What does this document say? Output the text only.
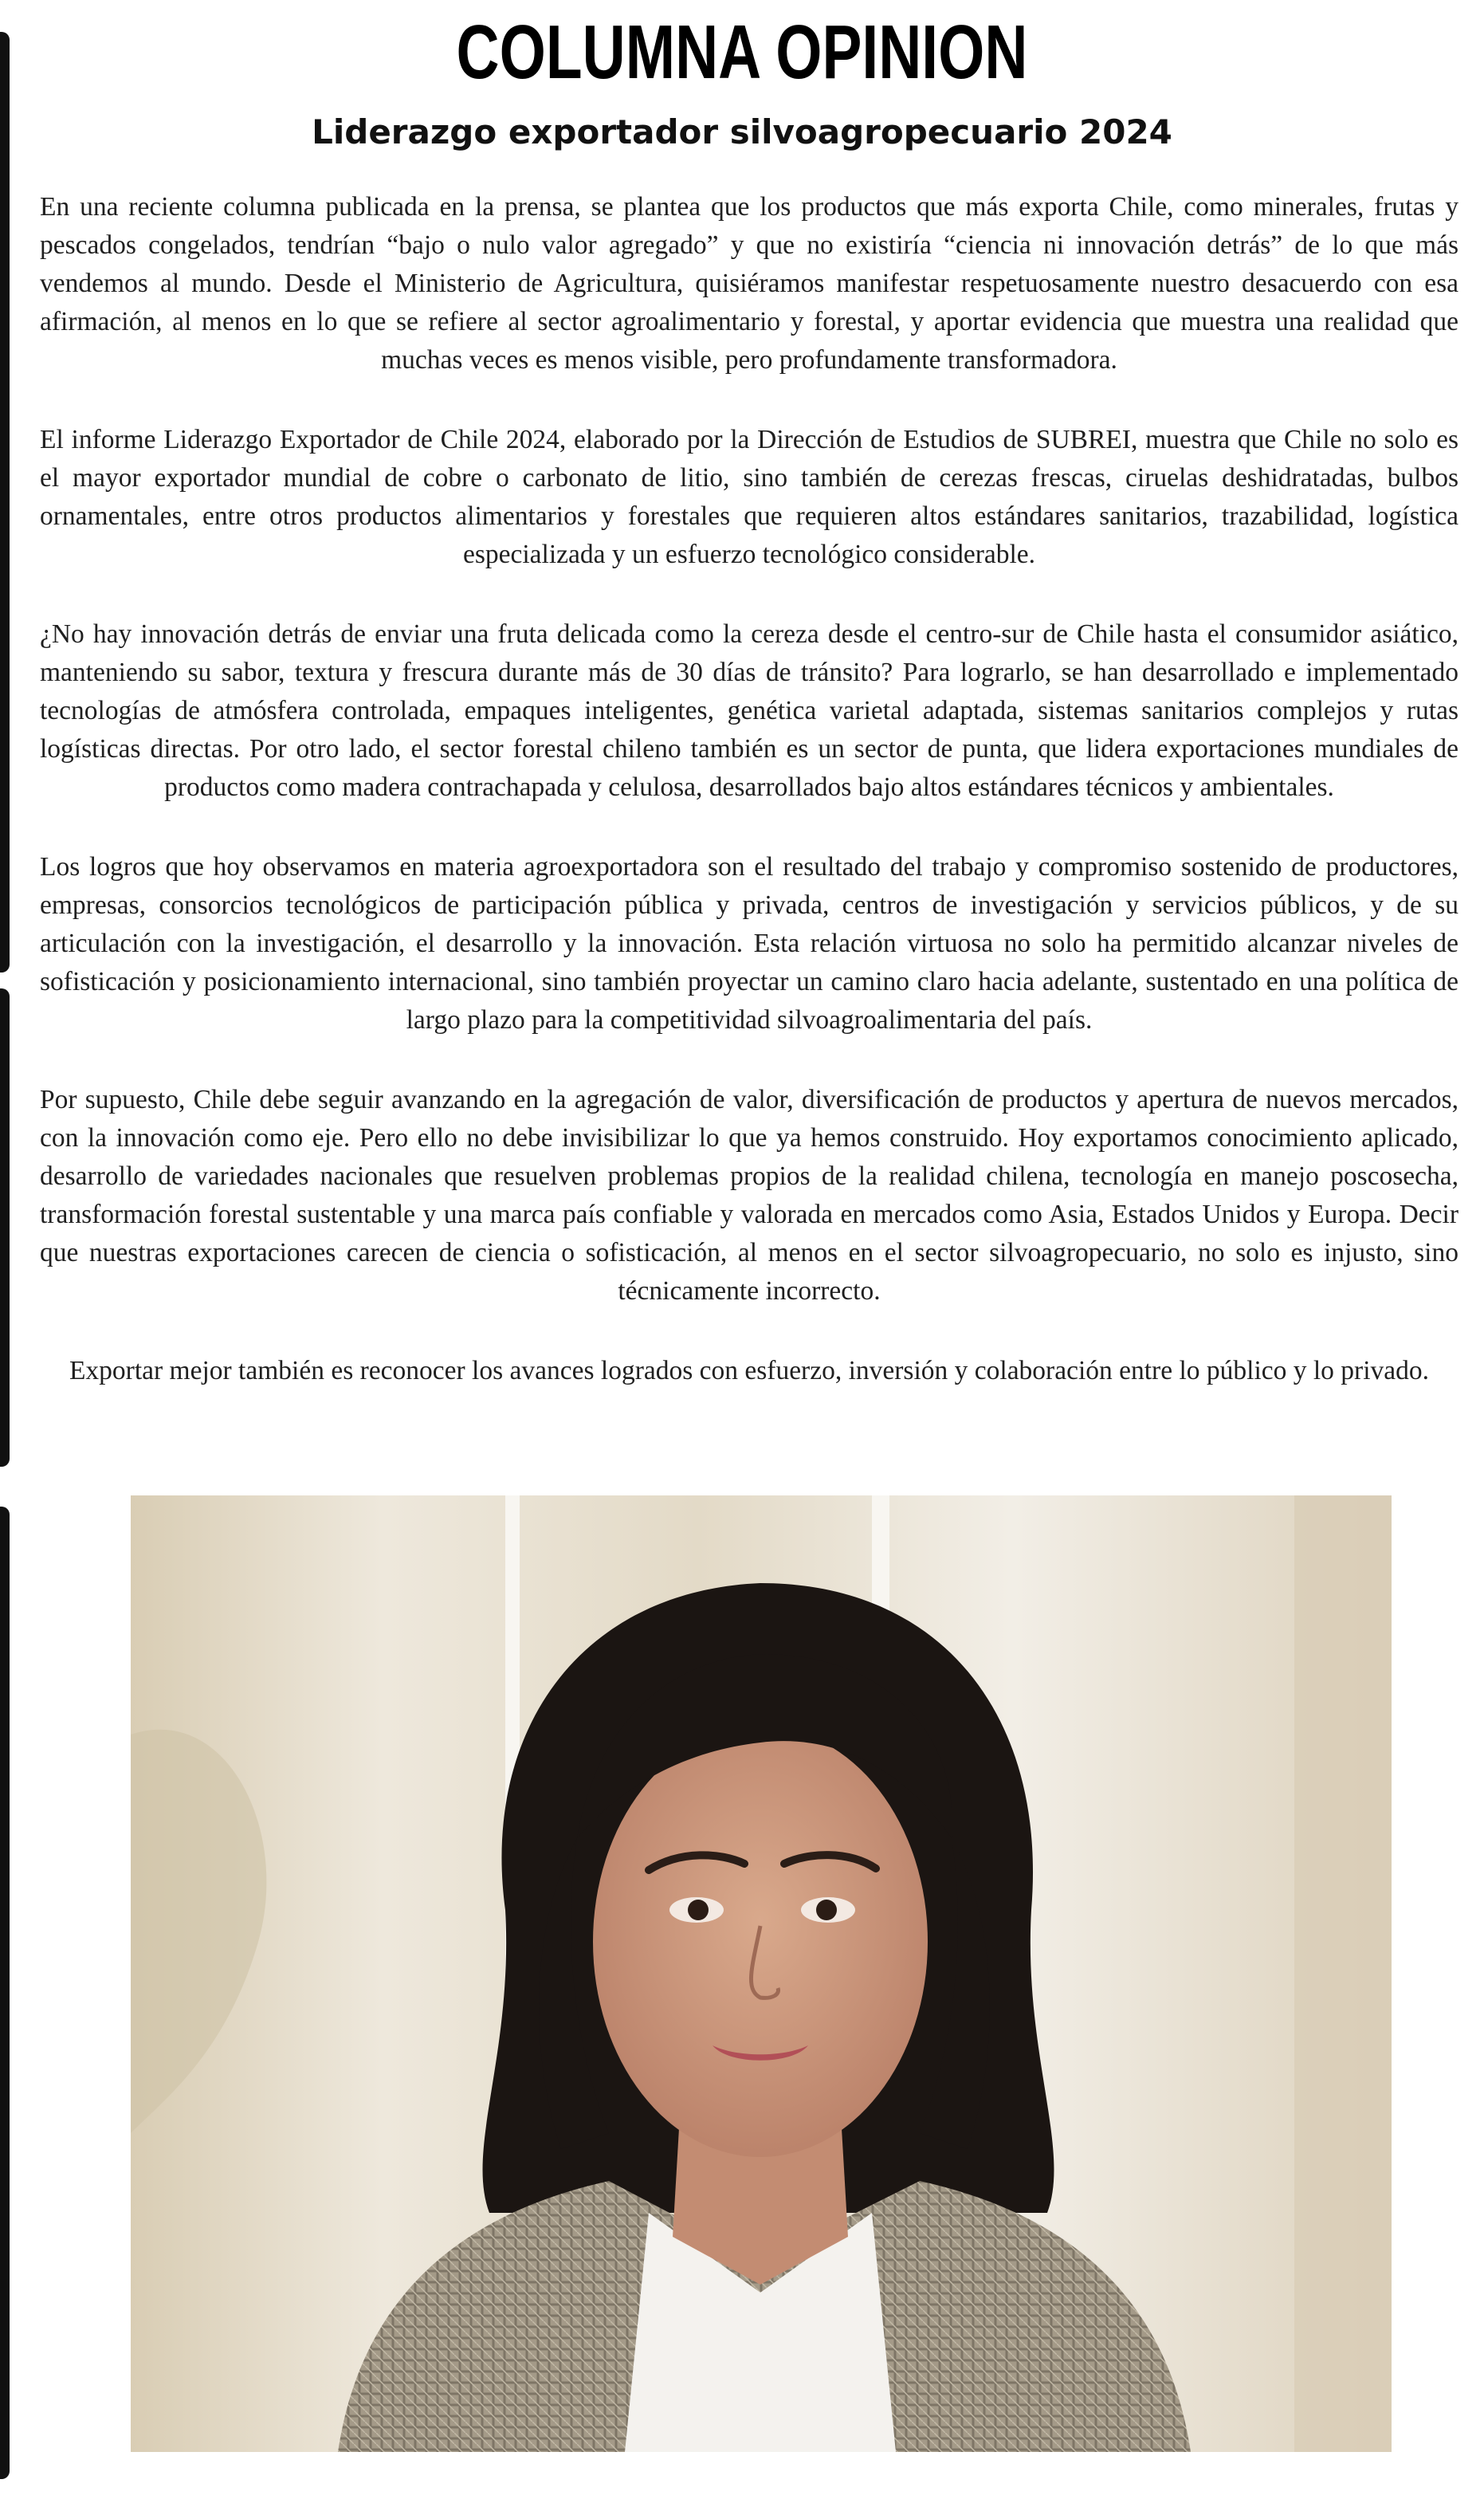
COLUMNA OPINION
Liderazgo exportador silvoagropecuario 2024

En una reciente columna publicada en la prensa, se plantea que los productos que más exporta Chile, como minerales, frutas y pescados congelados, tendrían “bajo o nulo valor agregado” y que no existiría “ciencia ni innovación detrás” de lo que más vendemos al mundo. Desde el Ministerio de Agricultura, quisiéramos manifestar respetuosamente nuestro desacuerdo con esa afirmación, al menos en lo que se refiere al sector agroalimentario y forestal, y aportar evidencia que muestra una realidad que muchas veces es menos visible, pero profundamente transformadora.

El informe Liderazgo Exportador de Chile 2024, elaborado por la Dirección de Estudios de SUBREI, muestra que Chile no solo es el mayor exportador mundial de cobre o carbonato de litio, sino también de cerezas frescas, ciruelas deshidratadas, bulbos ornamentales, entre otros productos alimentarios y forestales que requieren altos estándares sanitarios, trazabilidad, logística especializada y un esfuerzo tecnológico considerable.

¿No hay innovación detrás de enviar una fruta delicada como la cereza desde el centro-sur de Chile hasta el consumidor asiático, manteniendo su sabor, textura y frescura durante más de 30 días de tránsito? Para lograrlo, se han desarrollado e implementado tecnologías de atmósfera controlada, empaques inteligentes, genética varietal adaptada, sistemas sanitarios complejos y rutas logísticas directas. Por otro lado, el sector forestal chileno también es un sector de punta, que lidera exportaciones mundiales de productos como madera contrachapada y celulosa, desarrollados bajo altos estándares técnicos y ambientales.

Los logros que hoy observamos en materia agroexportadora son el resultado del trabajo y compromiso sostenido de productores, empresas, consorcios tecnológicos de participación pública y privada, centros de investigación y servicios públicos, y de su articulación con la investigación, el desarrollo y la innovación. Esta relación virtuosa no solo ha permitido alcanzar niveles de sofisticación y posicionamiento internacional, sino también proyectar un camino claro hacia adelante, sustentado en una política de largo plazo para la competitividad silvoagroalimentaria del país.

Por supuesto, Chile debe seguir avanzando en la agregación de valor, diversificación de productos y apertura de nuevos mercados, con la innovación como eje. Pero ello no debe invisibilizar lo que ya hemos construido. Hoy exportamos conocimiento aplicado, desarrollo de variedades nacionales que resuelven problemas propios de la realidad chilena, tecnología en manejo poscosecha, transformación forestal sustentable y una marca país confiable y valorada en mercados como Asia, Estados Unidos y Europa. Decir que nuestras exportaciones carecen de ciencia o sofisticación, al menos en el sector silvoagropecuario, no solo es injusto, sino técnicamente incorrecto.

Exportar mejor también es reconocer los avances logrados con esfuerzo, inversión y colaboración entre lo público y lo privado.
